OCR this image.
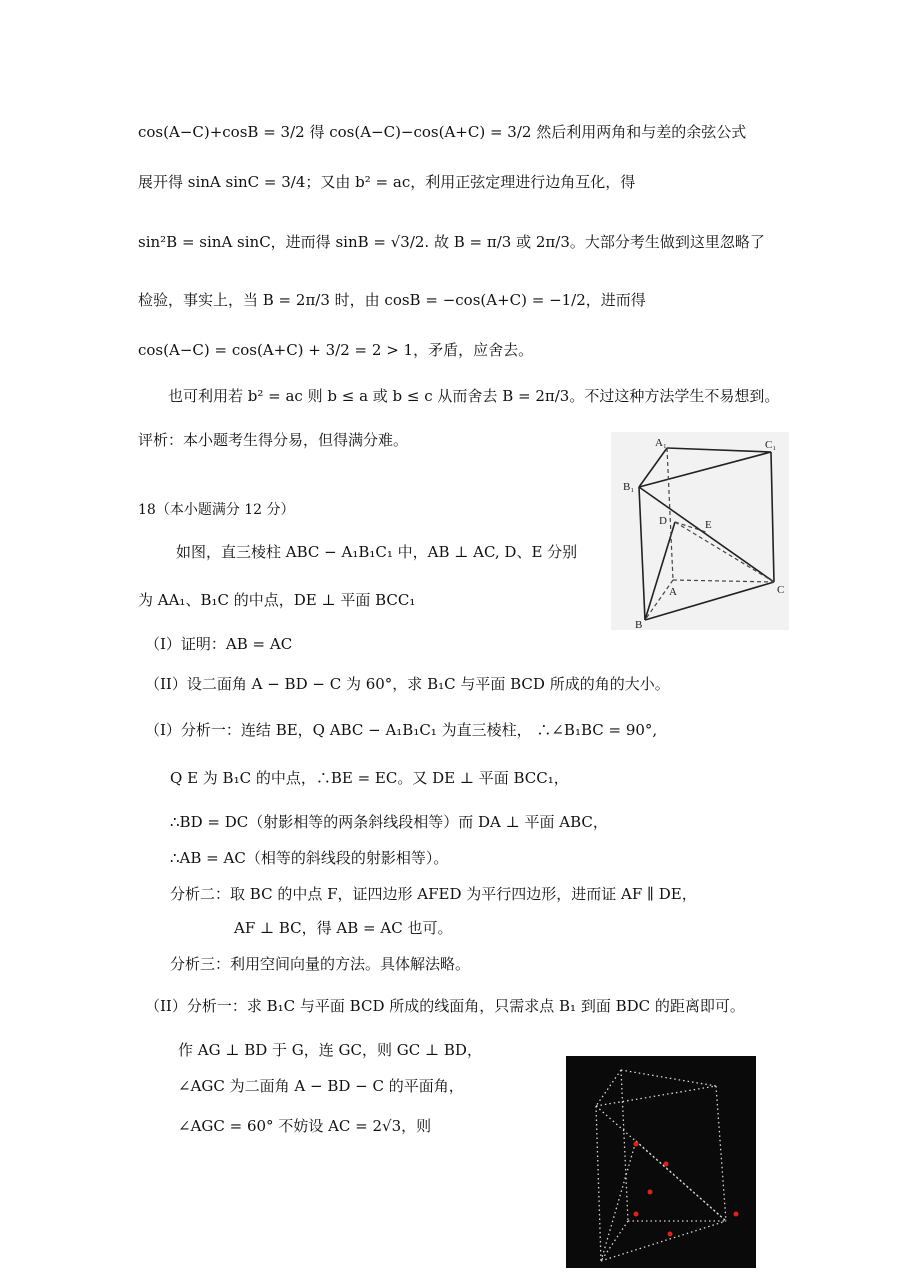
cos(A−C)+cosB = 3/2 得 cos(A−C)−cos(A+C) = 3/2 然后利用两角和与差的余弦公式
展开得 sinA sinC = 3/4；又由 b² = ac，利用正弦定理进行边角互化，得
sin²B = sinA sinC，进而得 sinB = √3/2. 故 B = π/3 或 2π/3。大部分考生做到这里忽略了
检验，事实上，当 B = 2π/3 时，由 cosB = −cos(A+C) = −1/2，进而得
cos(A−C) = cos(A+C) + 3/2 = 2 > 1，矛盾，应舍去。
也可利用若 b² = ac 则 b ≤ a 或 b ≤ c 从而舍去 B = 2π/3。不过这种方法学生不易想到。
评析：本小题考生得分易，但得满分难。
18（本小题满分 12 分）
如图，直三棱柱 ABC − A₁B₁C₁ 中，AB ⊥ AC, D、E 分别
为 AA₁、B₁C 的中点，DE ⊥ 平面 BCC₁
（I）证明：AB = AC
（II）设二面角 A − BD − C 为 60°，求 B₁C 与平面 BCD 所成的角的大小。
（I）分析一：连结 BE，Q ABC − A₁B₁C₁ 为直三棱柱， ∴∠B₁BC = 90°,
Q E 为 B₁C 的中点，∴BE = EC。又 DE ⊥ 平面 BCC₁，
∴BD = DC（射影相等的两条斜线段相等）而 DA ⊥ 平面 ABC，
∴AB = AC（相等的斜线段的射影相等）。
分析二：取 BC 的中点 F，证四边形 AFED 为平行四边形，进而证 AF ∥ DE，
AF ⊥ BC，得 AB = AC 也可。
分析三：利用空间向量的方法。具体解法略。
（II）分析一：求 B₁C 与平面 BCD 所成的线面角，只需求点 B₁ 到面 BDC 的距离即可。
作 AG ⊥ BD 于 G，连 GC，则 GC ⊥ BD，
∠AGC 为二面角 A − BD − C 的平面角，
∠AGC = 60° 不妨设 AC = 2√3，则
A₁	C₁
B₁
D	E
A	C
B
